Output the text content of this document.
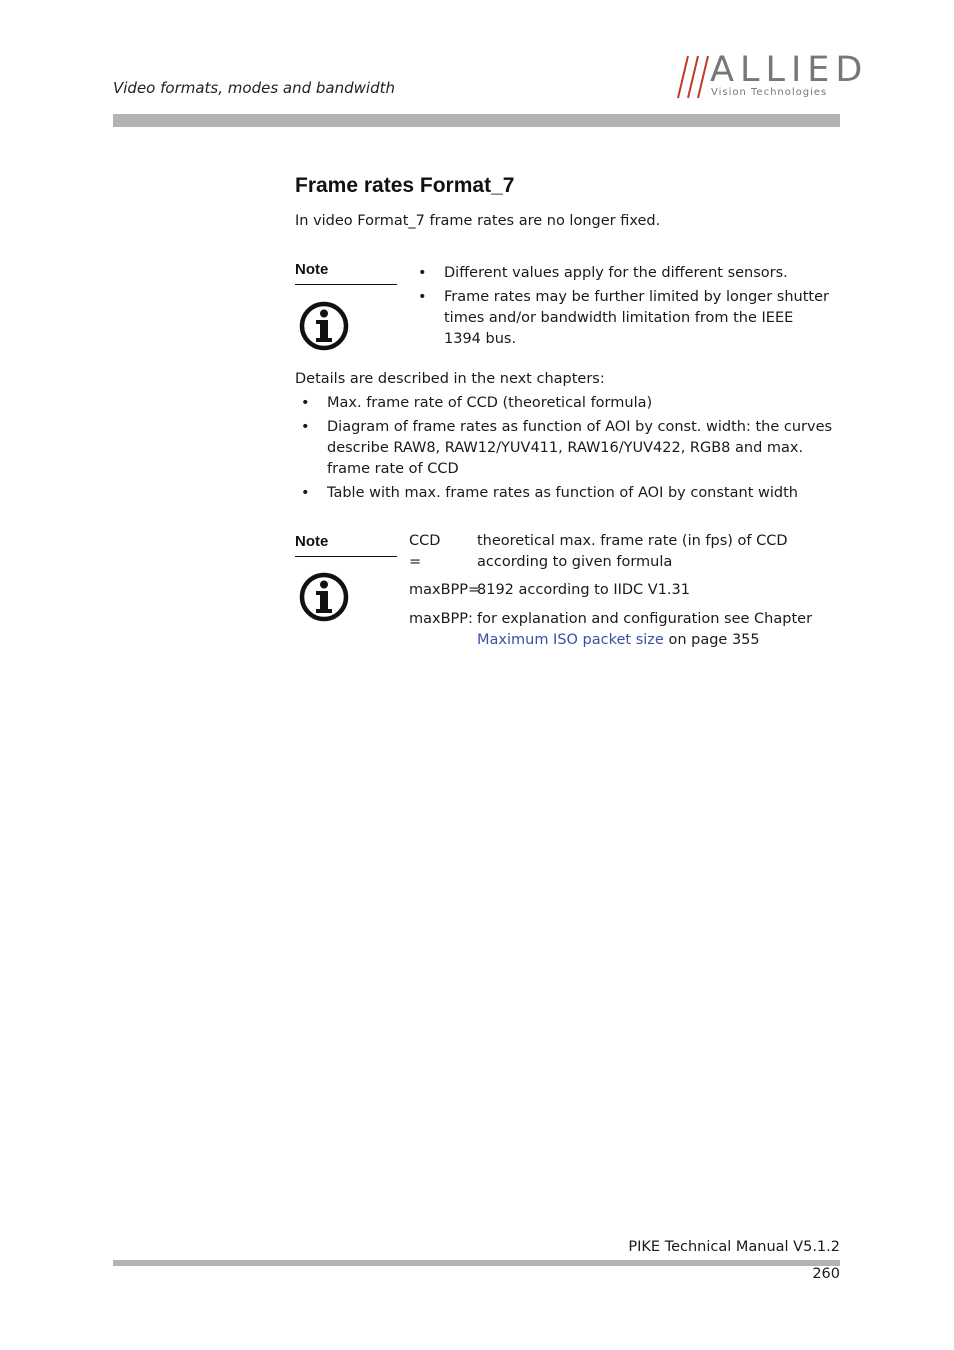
Video formats, modes and bandwidth	ALLIED
Vision Technologies
Frame rates Format_7
In video Format_7 frame rates are no longer fixed.
Note
•	Different values apply for the different sensors.
• Frame rates may be further limited by longer shutter times and/or bandwidth limitation from the IEEE 1394 bus.
Details are described in the next chapters:
• Max. frame rate of CCD (theoretical formula)
• Diagram of frame rates as function of AOI by const. width: the curves describe RAW8, RAW12/YUV411, RAW16/YUV422, RGB8 and max. frame rate of CCD
• Table with max. frame rates as function of AOI by constant width
Note	CCD =
theoretical max. frame rate (in fps) of CCD according to given formula
maxBPP=
8192 according to IIDC V1.31
maxBPP: for explanation and configuration see Chapter
Maximum ISO packet size on page 355
PIKE Technical Manual V5.1.2
260
